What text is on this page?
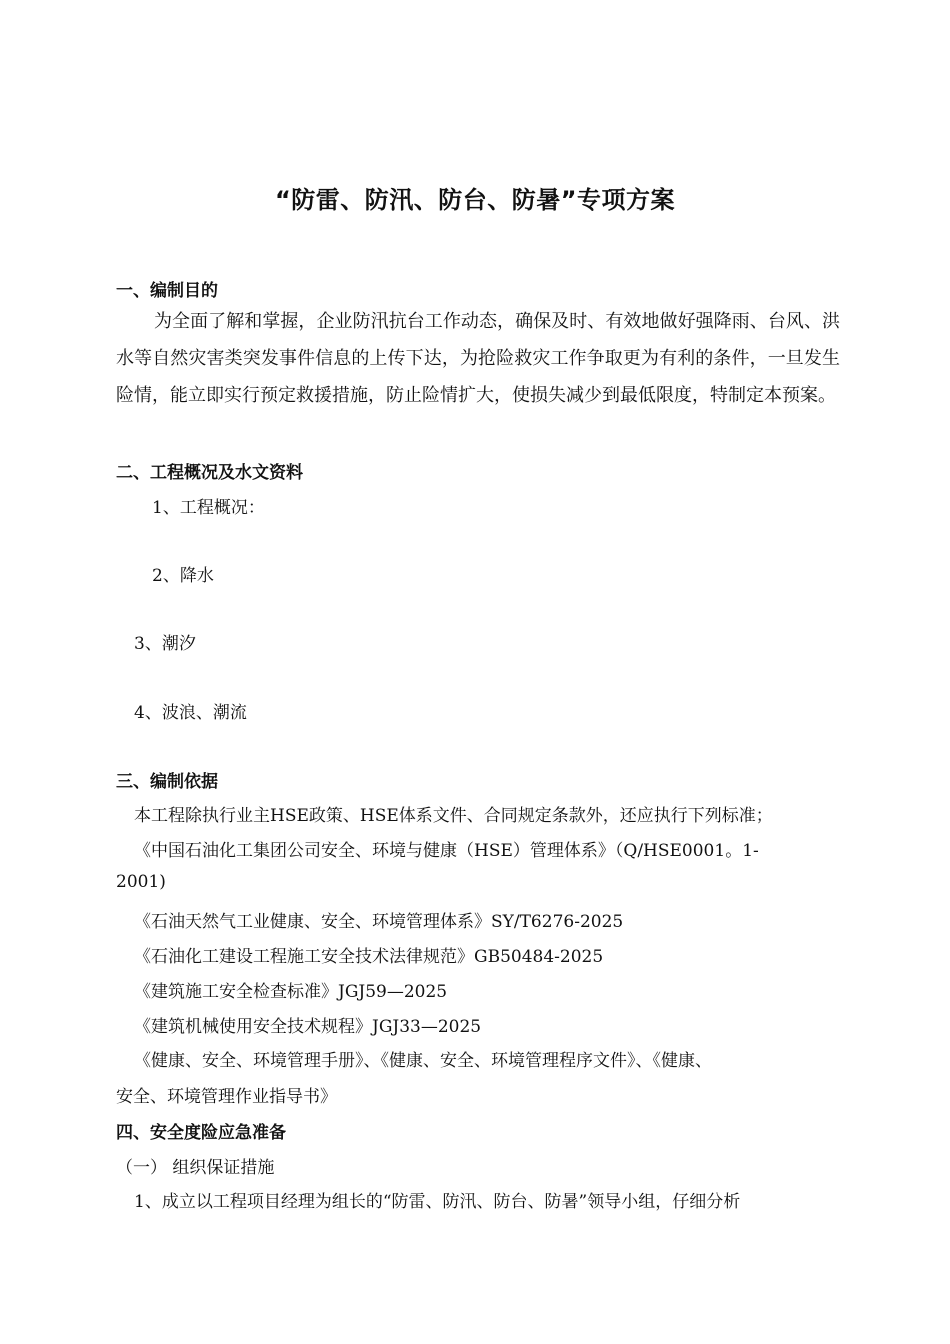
“防雷、防汛、防台、防暑”专项方案
一、编制目的
为全面了解和掌握，企业防汛抗台工作动态，确保及时、有效地做好强降雨、台风、洪水等自然灾害类突发事件信息的上传下达，为抢险救灾工作争取更为有利的条件，一旦发生险情，能立即实行预定救援措施，防止险情扩大，使损失减少到最低限度，特制定本预案。
二、工程概况及水文资料
1、工程概况：
2、降水
3、潮汐
4、波浪、潮流
三、编制依据
本工程除执行业主HSE政策、HSE体系文件、合同规定条款外，还应执行下列标准；
《中国石油化工集团公司安全、环境与健康（HSE）管理体系》（Q/HSE0001。1-
2001)
《石油天然气工业健康、安全、环境管理体系》SY/T6276-2025
《石油化工建设工程施工安全技术法律规范》GB50484-2025
《建筑施工安全检查标准》JGJ59—2025
《建筑机械使用安全技术规程》JGJ33—2025
《健康、安全、环境管理手册》、《健康、安全、环境管理程序文件》、《健康、
安全、环境管理作业指导书》
四、安全度险应急准备
（一） 组织保证措施
1、成立以工程项目经理为组长的“防雷、防汛、防台、防暑”领导小组，仔细分析
